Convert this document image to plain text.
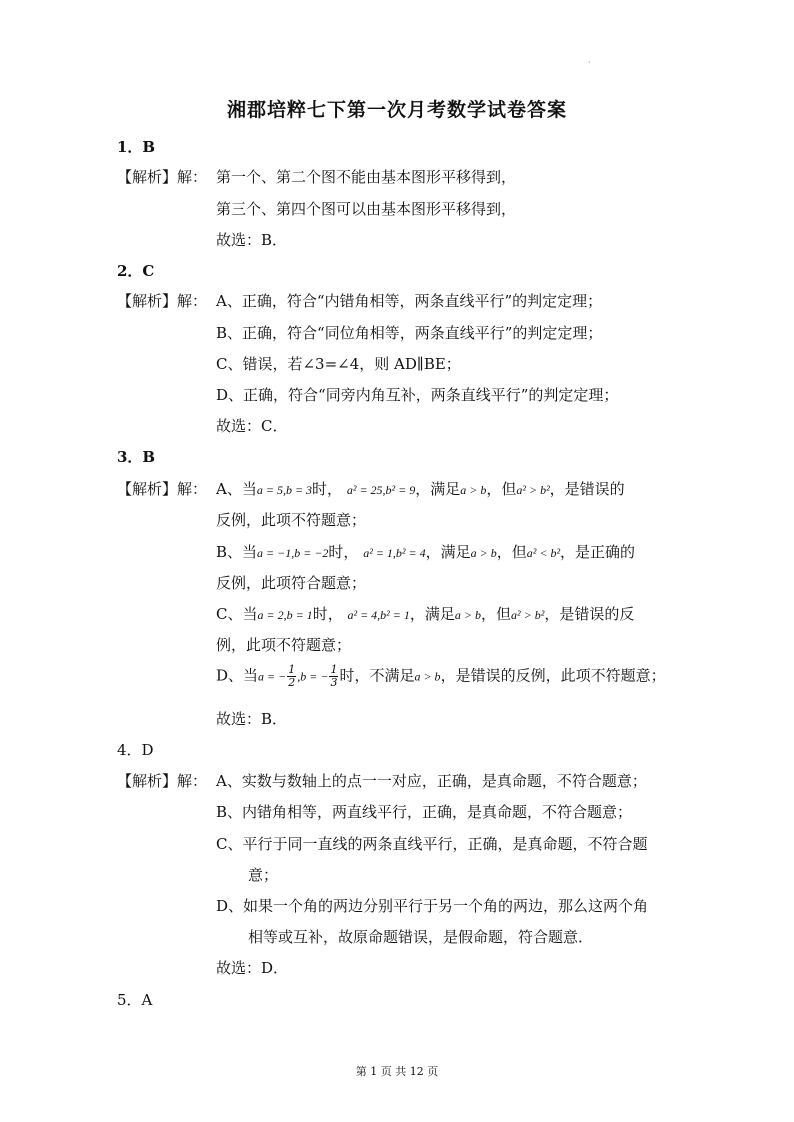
·
湘郡培粹七下第一次月考数学试卷答案
1．B
【解析】解： 第一个、第二个图不能由基本图形平移得到，
第三个、第四个图可以由基本图形平移得到，
故选：B．
2．C
【解析】解： A、正确，符合“内错角相等，两条直线平行”的判定定理；
B、正确，符合“同位角相等，两条直线平行”的判定定理；
C、错误，若∠3=∠4，则 AD∥BE；
D、正确，符合“同旁内角互补，两条直线平行”的判定定理；
故选：C．
3．B
【解析】解： A、当a = 5,b = 3时， a² = 25,b² = 9，满足a > b，但a² > b²，是错误的
反例，此项不符题意；
B、当a = −1,b = −2时， a² = 1,b² = 4，满足a > b，但a² < b²，是正确的
反例，此项符合题意；
C、当a = 2,b = 1时， a² = 4,b² = 1，满足a > b，但a² > b²，是错误的反
例，此项不符题意；
D、当a = − $\frac{1}{2} ,b$ = − $\frac{1}{3}$ 时，不满足a > b，是错误的反例，此项不符题意；
故选：B．
4．D
【解析】解： A、实数与数轴上的点一一对应，正确，是真命题，不符合题意；
B、内错角相等，两直线平行，正确，是真命题，不符合题意；
C、平行于同一直线的两条直线平行，正确，是真命题，不符合题
意；
D、如果一个角的两边分别平行于另一个角的两边，那么这两个角
相等或互补，故原命题错误，是假命题，符合题意．
故选：D．
5．A
第 1 页 共 12 页
